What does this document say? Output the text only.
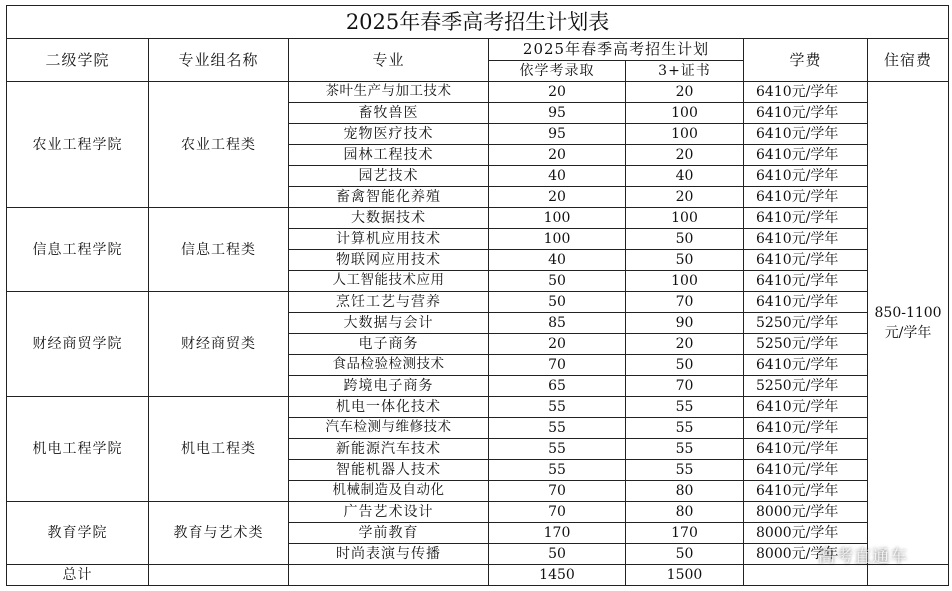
2025年春季高考招生计划表						
二级学院	专业组名称	专业	2025年春季高考招生计划		学费	住宿费
			依学考录取	3+证书		
农业工程学院	农业工程类	茶叶生产与加工技术	20	20	6410元/学年	850-1100
元/学年

		畜牧兽医	95	100	6410元/学年	
		宠物医疗技术	95	100	6410元/学年	
		园林工程技术	20	20	6410元/学年	
		园艺技术	40	40	6410元/学年	
		畜禽智能化养殖	20	20	6410元/学年	
信息工程学院	信息工程类	大数据技术	100	100	6410元/学年	
		计算机应用技术	100	50	6410元/学年	
		物联网应用技术	40	50	6410元/学年	
		人工智能技术应用	50	100	6410元/学年	
财经商贸学院	财经商贸类	烹饪工艺与营养	50	70	6410元/学年	
		大数据与会计	85	90	5250元/学年	
		电子商务	20	20	5250元/学年	
		食品检验检测技术	70	50	6410元/学年	
		跨境电子商务	65	70	5250元/学年	
机电工程学院	机电工程类	机电一体化技术	55	55	6410元/学年	
		汽车检测与维修技术	55	55	6410元/学年	
		新能源汽车技术	55	55	6410元/学年	
		智能机器人技术	55	55	6410元/学年	
		机械制造及自动化	70	80	6410元/学年	
教育学院	教育与艺术类	广告艺术设计	70	80	8000元/学年	
		学前教育	170	170	8000元/学年	
		时尚表演与传播	50	50	8000元/学年	
总计			1450	1500		
高考直通车
